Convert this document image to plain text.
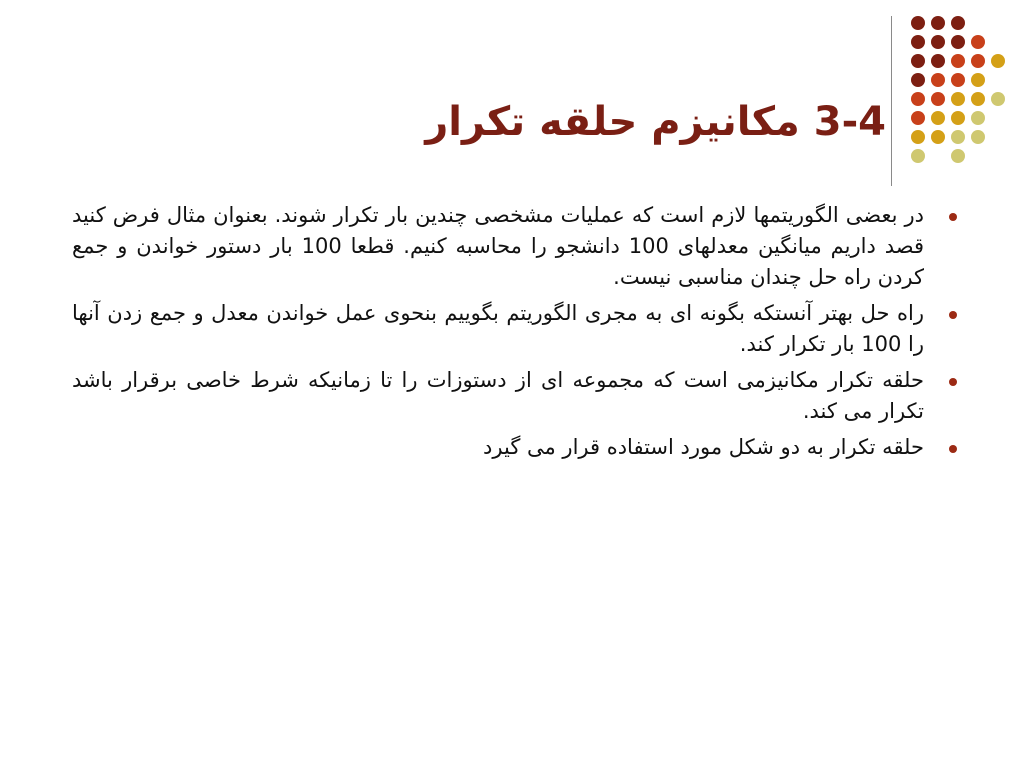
3-4 مکانیزم حلقه تکرار
در بعضی الگوریتمها لازم است که عملیات مشخصی چندین بار تکرار شوند. بعنوان مثال فرض کنید قصد داریم میانگین معدلهای 100 دانشجو را محاسبه کنیم. قطعا 100 بار دستور خواندن و جمع کردن راه حل چندان مناسبی نیست.
راه حل بهتر آنستکه بگونه ای به مجری الگوریتم بگوییم بنحوی عمل خواندن معدل و جمع زدن آنها را 100 بار تکرار کند.
حلقه تکرار مکانیزمی است که مجموعه ای از دستوزات را تا زمانیکه شرط خاصی برقرار باشد تکرار می کند.
حلقه تکرار به دو شکل مورد استفاده قرار می گیرد
